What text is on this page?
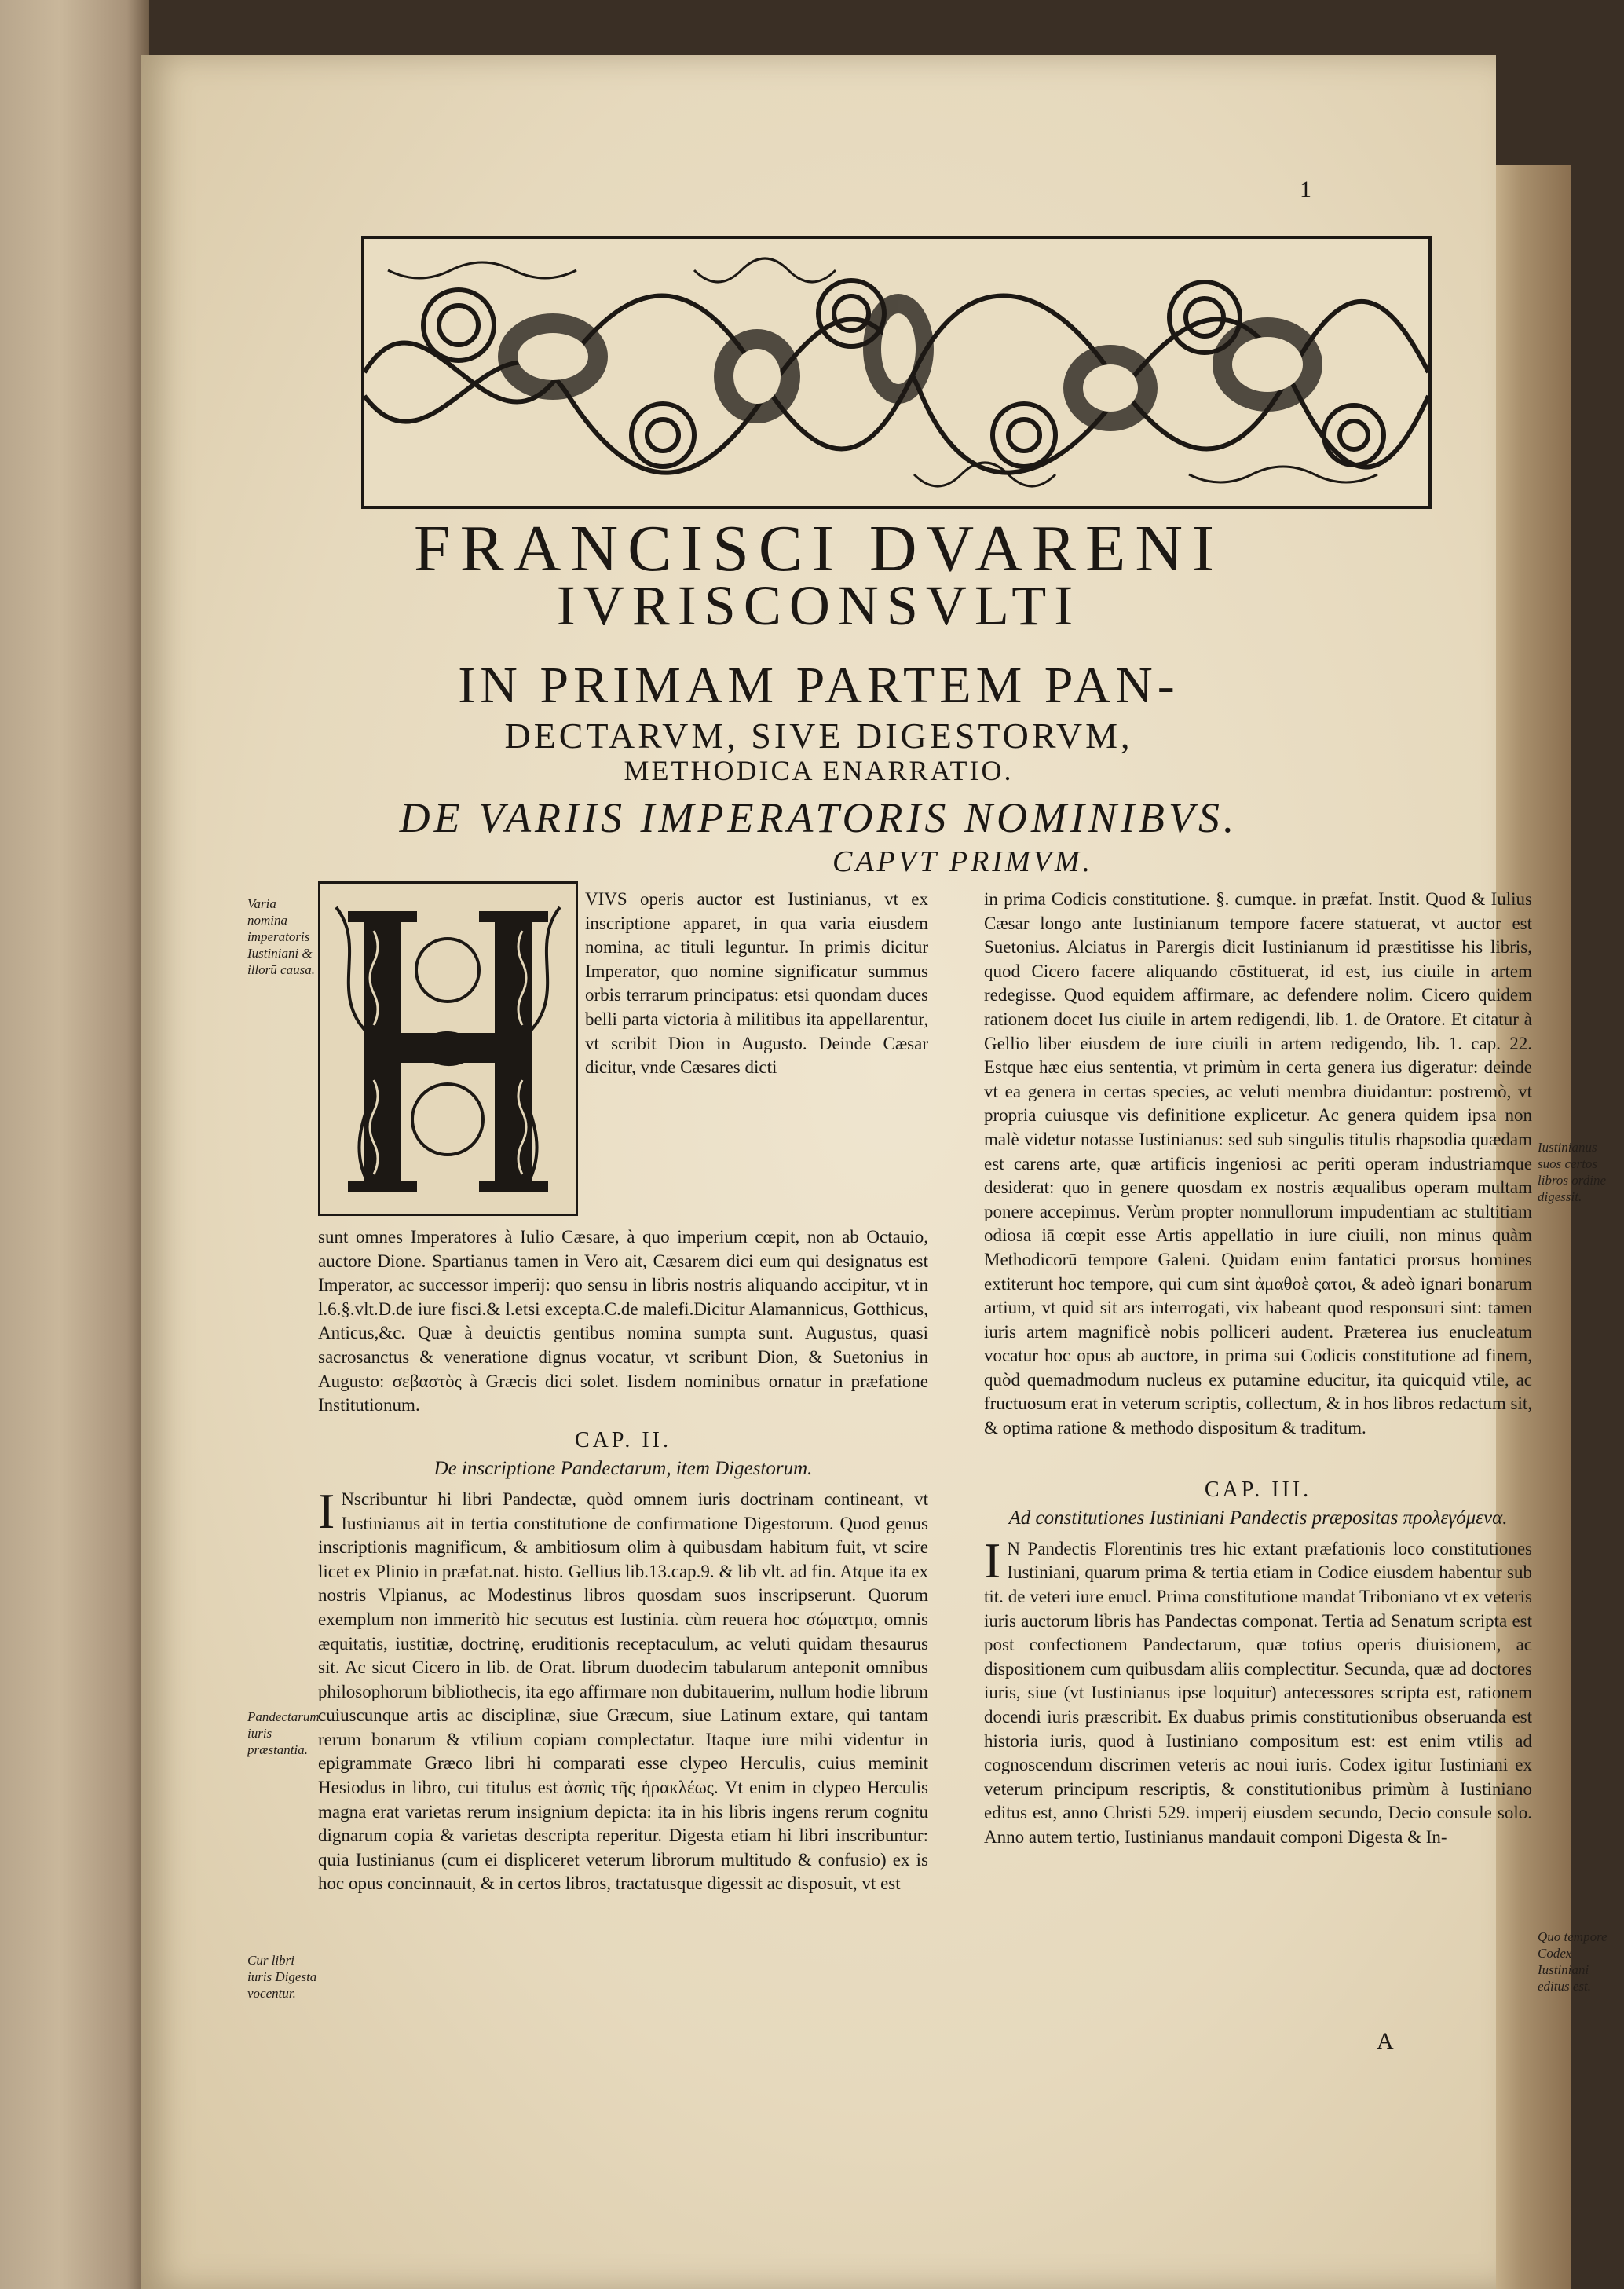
1
FRANCISCI DVARENI
IVRISCONSVLTI
IN PRIMAM PARTEM PAN-
DECTARVM, SIVE DIGESTORVM,
METHODICA ENARRATIO.
DE VARIIS IMPERATORIS NOMINIBVS.
CAPVT PRIMVM.

VIVS operis auctor est Iustinianus, vt ex inscriptione apparet, in qua varia eiusdem nomina, ac tituli leguntur. In primis dicitur Imperator, quo nomine significatur summus orbis terrarum principatus: etsi quondam duces belli parta victoria à militibus ita appellarentur, vt scribit Dion in Augusto. Deinde Cæsar dicitur, vnde Cæsares dicti

sunt omnes Imperatores à Iulio Cæsare, à quo imperium cœpit, non ab Octauio, auctore Dione. Spartianus tamen in Vero ait, Cæsarem dici eum qui designatus est Imperator, ac successor imperij: quo sensu in libris nostris aliquando accipitur, vt in l.6.§.vlt.D.de iure fisci.& l.etsi excepta.C.de malefi.Dicitur Alamannicus, Gotthicus, Anticus,&c. Quæ à deuictis gentibus nomina sumpta sunt. Augustus, quasi sacrosanctus & veneratione dignus vocatur, vt scribunt Dion, & Suetonius in Augusto: σεβαστὸς à Græcis dici solet. Iisdem nominibus ornatur in præfatione Institutionum.

CAP. II.
De inscriptione Pandectarum, item Digestorum.

I Nscribuntur hi libri Pandectæ, quòd omnem iuris doctrinam contineant, vt Iustinianus ait in tertia constitutione de confirmatione Digestorum. Quod genus inscriptionis magnificum, & ambitiosum olim à quibusdam habitum fuit, vt scire licet ex Plinio in præfat.nat. histo. Gellius lib.13.cap.9. & lib vlt. ad fin. Atque ita ex nostris Vlpianus, ac Modestinus libros quosdam suos inscripserunt. Quorum exemplum non immeritò hic secutus est Iustinia. cùm reuera hoc σώματμα, omnis æquitatis, iustitiæ, doctrinę, eruditionis receptaculum, ac veluti quidam thesaurus sit. Ac sicut Cicero in lib. de Orat. librum duodecim tabularum anteponit omnibus philosophorum bibliothecis, ita ego affirmare non dubitauerim, nullum hodie librum cuiuscunque artis ac disciplinæ, siue Græcum, siue Latinum extare, qui tantam rerum bonarum & vtilium copiam complectatur. Itaque iure mihi videntur in epigrammate Græco libri hi comparati esse clypeo Herculis, cuius meminit Hesiodus in libro, cui titulus est ἀσπὶς τῆς ἡρακλέως. Vt enim in clypeo Herculis magna erat varietas rerum insignium depicta: ita in his libris ingens rerum cognitu dignarum copia & varietas descripta reperitur. Digesta etiam hi libri inscribuntur: quia Iustinianus (cum ei displiceret veterum librorum multitudo & confusio) ex is hoc opus concinnauit, & in certos libros, tractatusque digessit ac disposuit, vt est

in prima Codicis constitutione. §. cumque. in præfat. Instit. Quod & Iulius Cæsar longo ante Iustinianum tempore facere statuerat, vt auctor est Suetonius. Alciatus in Parergis dicit Iustinianum id præstitisse his libris, quod Cicero facere aliquando cōstituerat, id est, ius ciuile in artem redegisse. Quod equidem affirmare, ac defendere nolim. Cicero quidem rationem docet Ius ciuile in artem redigendi, lib. 1. de Oratore. Et citatur à Gellio liber eiusdem de iure ciuili in artem redigendo, lib. 1. cap. 22. Estque hæc eius sententia, vt primùm in certa genera ius digeratur: deinde vt ea genera in certas species, ac veluti membra diuidantur: postremò, vt propria cuiusque vis definitione explicetur. Ac genera quidem ipsa non malè videtur notasse Iustinianus: sed sub singulis titulis rhapsodia quædam est carens arte, quæ artificis ingeniosi ac periti operam industriamque desiderat: quo in genere quosdam ex nostris æqualibus operam multam ponere accepimus. Verùm propter nonnullorum impudentiam ac stultitiam odiosa iā cœpit esse Artis appellatio in iure ciuili, non minus quàm Methodicorū tempore Galeni. Quidam enim fantatici prorsus homines extiterunt hoc tempore, qui cum sint ἀμαθοὲ ςατοι, & adeò ignari bonarum artium, vt quid sit ars interrogati, vix habeant quod responsuri sint: tamen iuris artem magnificè nobis polliceri audent. Præterea ius enucleatum vocatur hoc opus ab auctore, in prima sui Codicis constitutione ad finem, quòd quemadmodum nucleus ex putamine educitur, ita quicquid vtile, ac fructuosum erat in veterum scriptis, collectum, & in hos libros redactum sit, & optima ratione & methodo dispositum & traditum.

CAP. III.
Ad constitutiones Iustiniani Pandectis præpositas προλεγόμενα.

I N Pandectis Florentinis tres hic extant præfationis loco constitutiones Iustiniani, quarum prima & tertia etiam in Codice eiusdem habentur sub tit. de veteri iure enucl. Prima constitutione mandat Triboniano vt ex veteris iuris auctorum libris has Pandectas componat. Tertia ad Senatum scripta est post confectionem Pandectarum, quæ totius operis diuisionem, ac dispositionem cum quibusdam aliis complectitur. Secunda, quæ ad doctores iuris, siue (vt Iustinianus ipse loquitur) antecessores scripta est, rationem docendi iuris præscribit. Ex duabus primis constitutionibus obseruanda est historia iuris, quod à Iustiniano compositum est: est enim vtilis ad cognoscendum discrimen veteris ac noui iuris. Codex igitur Iustiniani ex veterum principum rescriptis, & constitutionibus primùm à Iustiniano editus est, anno Christi 529. imperij eiusdem secundo, Decio consule solo. Anno autem tertio, Iustinianus mandauit componi Digesta & In-

Varia nomina imperatoris Iustiniani & illorū causa.
Pandectarum iuris præstantia.
Cur libri iuris Digesta vocentur.
Iustinianus suos certos libros ordine digessit.
Quo tempore Codex Iustiniani editus est.
A
